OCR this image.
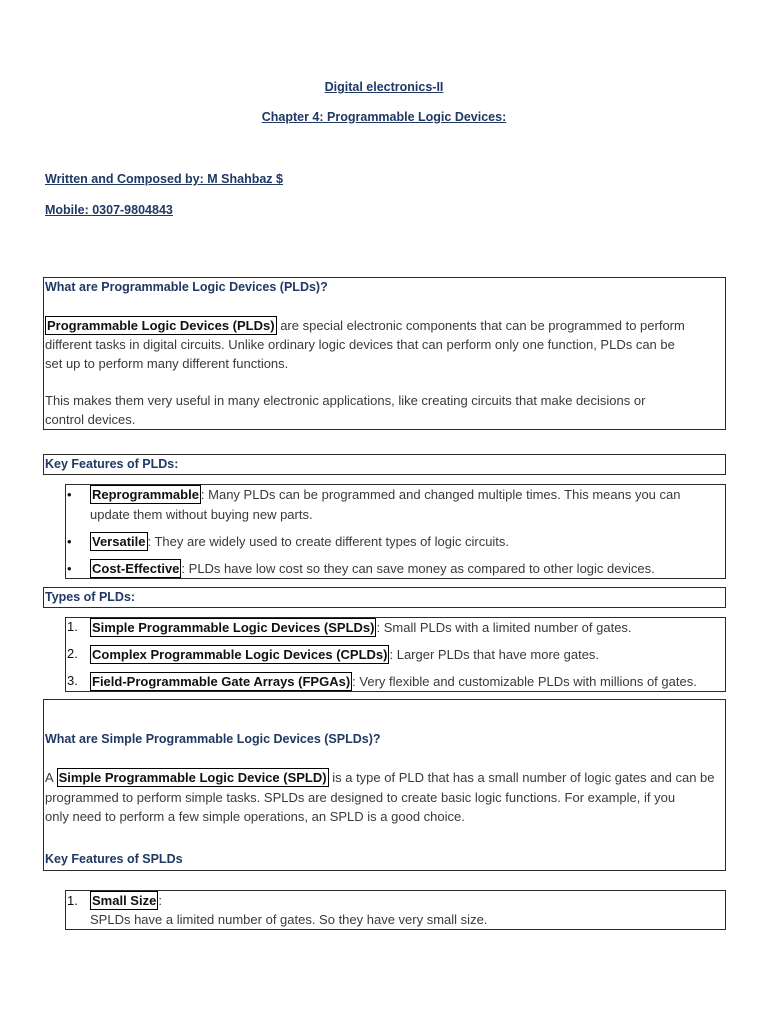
Digital electronics-II
Chapter 4: Programmable Logic Devices:
Written and Composed by: M Shahbaz $
Mobile: 0307-9804843
What are Programmable Logic Devices (PLDs)?
Programmable Logic Devices (PLDs) are special electronic components that can be programmed to perform
different tasks in digital circuits. Unlike ordinary logic devices that can perform only one function, PLDs can be
set up to perform many different functions.
This makes them very useful in many electronic applications, like creating circuits that make decisions or
control devices.
Key Features of PLDs:
• Reprogrammable : Many PLDs can be programmed and changed multiple times. This means you can
update them without buying new parts.
• Versatile : They are widely used to create different types of logic circuits.
• Cost-Effective : PLDs have low cost so they can save money as compared to other logic devices.
Types of PLDs:
1. Simple Programmable Logic Devices (SPLDs) : Small PLDs with a limited number of gates.
2. Complex Programmable Logic Devices (CPLDs) : Larger PLDs that have more gates.
3. Field-Programmable Gate Arrays (FPGAs) : Very flexible and customizable PLDs with millions of gates.
What are Simple Programmable Logic Devices (SPLDs)?
A Simple Programmable Logic Device (SPLD) is a type of PLD that has a small number of logic gates and can be
programmed to perform simple tasks. SPLDs are designed to create basic logic functions. For example, if you
only need to perform a few simple operations, an SPLD is a good choice.
Key Features of SPLDs
1. Small Size :
SPLDs have a limited number of gates. So they have very small size.
